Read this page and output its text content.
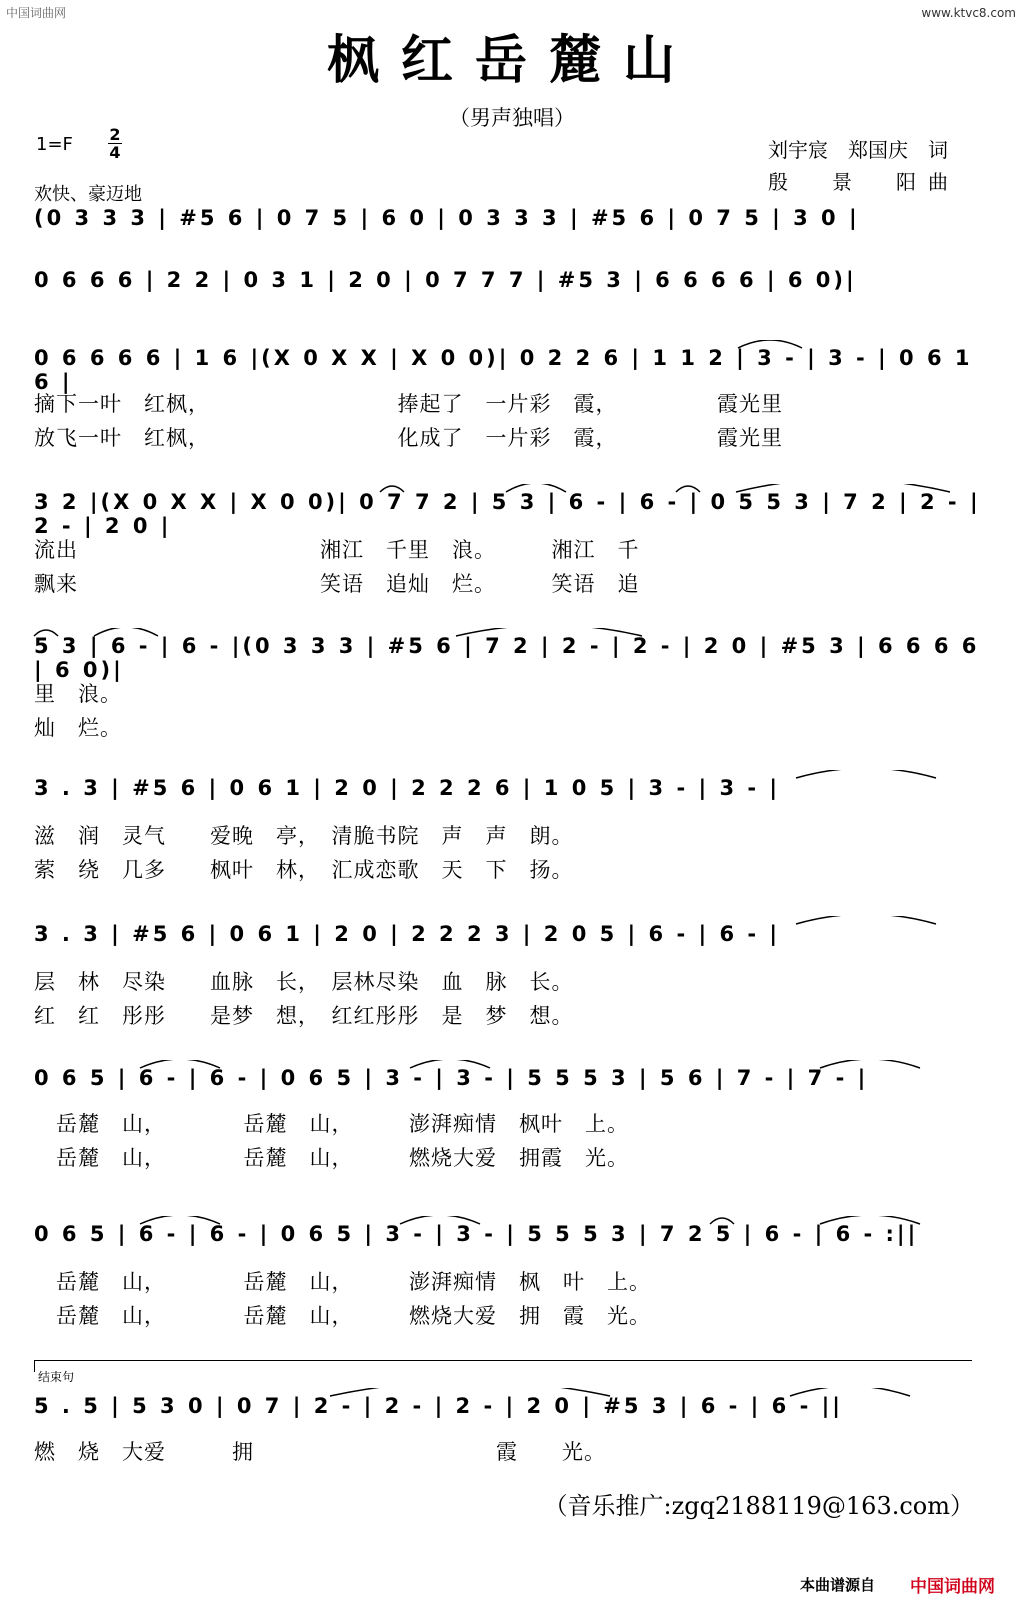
中国词曲网	www.ktvc8.com
枫红岳麓山
（男声独唱）
1=F 2
4
欢快、豪迈地
刘宇宸　郑国庆　词
殷　景　阳曲
(0 3 3 3 | #5 6 | 0 7 5 | 6 0 | 0 3 3 3 | #5 6 | 0 7 5 | 3 0 |
0 6 6 6 | 2 2 | 0 3 1 | 2 0 | 0 7 7 7 | #5 3 | 6 6 6 6 | 6 0)|
0 6 6 6 6 | 1 6 |(X 0 X X | X 0 0)| 0 2 2 6 | 1 1 2 | 3 - | 3 - | 0 6 1 6 |
摘下一叶　红枫，　　　　　　　　　捧起了　一片彩　霞，　　　　　霞光里
放飞一叶　红枫，　　　　　　　　　化成了　一片彩　霞，　　　　　霞光里
3 2 |(X 0 X X | X 0 0)| 0 7 7 2 | 5 3 | 6 - | 6 - | 0 5 5 3 | 7 2 | 2 - | 2 - | 2 0 |
流出　　　　　　　　　　　湘江　千里　浪。　　　湘江　千
飘来　　　　　　　　　　　笑语　追灿　烂。　　　笑语　追
5 3 | 6 - | 6 - |(0 3 3 3 | #5 6 | 7 2 | 2 - | 2 - | 2 0 | #5 3 | 6 6 6 6 | 6 0)|
里　浪。
灿　烂。
3 . 3 | #5 6 | 0 6 1 | 2 0 | 2 2 2 6 | 1 0 5 | 3 - | 3 - |
滋　润　灵气　　爱晚　亭，　清脆书院　声　声　朗。
萦　绕　几多　　枫叶　林，　汇成恋歌　天　下　扬。
3 . 3 | #5 6 | 0 6 1 | 2 0 | 2 2 2 3 | 2 0 5 | 6 - | 6 - |
层　林　尽染　　血脉　长，　层林尽染　血　脉　长。
红　红　彤彤　　是梦　想，　红红彤彤　是　梦　想。
0 6 5 | 6 - | 6 - | 0 6 5 | 3 - | 3 - | 5 5 5 3 | 5 6 | 7 - | 7 - |
　岳麓　山，　　　　岳麓　山，　　　澎湃痴情　枫叶　上。
　岳麓　山，　　　　岳麓　山，　　　燃烧大爱　拥霞　光。
0 6 5 | 6 - | 6 - | 0 6 5 | 3 - | 3 - | 5 5 5 3 | 7 2 5 | 6 - | 6 - :||
　岳麓　山，　　　　岳麓　山，　　　澎湃痴情　枫　叶　上。
　岳麓　山，　　　　岳麓　山，　　　燃烧大爱　拥　霞　光。
结束句
5 . 5 | 5 3 0 | 0 7 | 2 - | 2 - | 2 - | 2 0 | #5 3 | 6 - | 6 - ||
燃　烧　大爱　　　拥　　　　　　　　　　　霞　　光。
（音乐推广:zgq2188119@163.com）
本曲谱源自 中国词曲网
